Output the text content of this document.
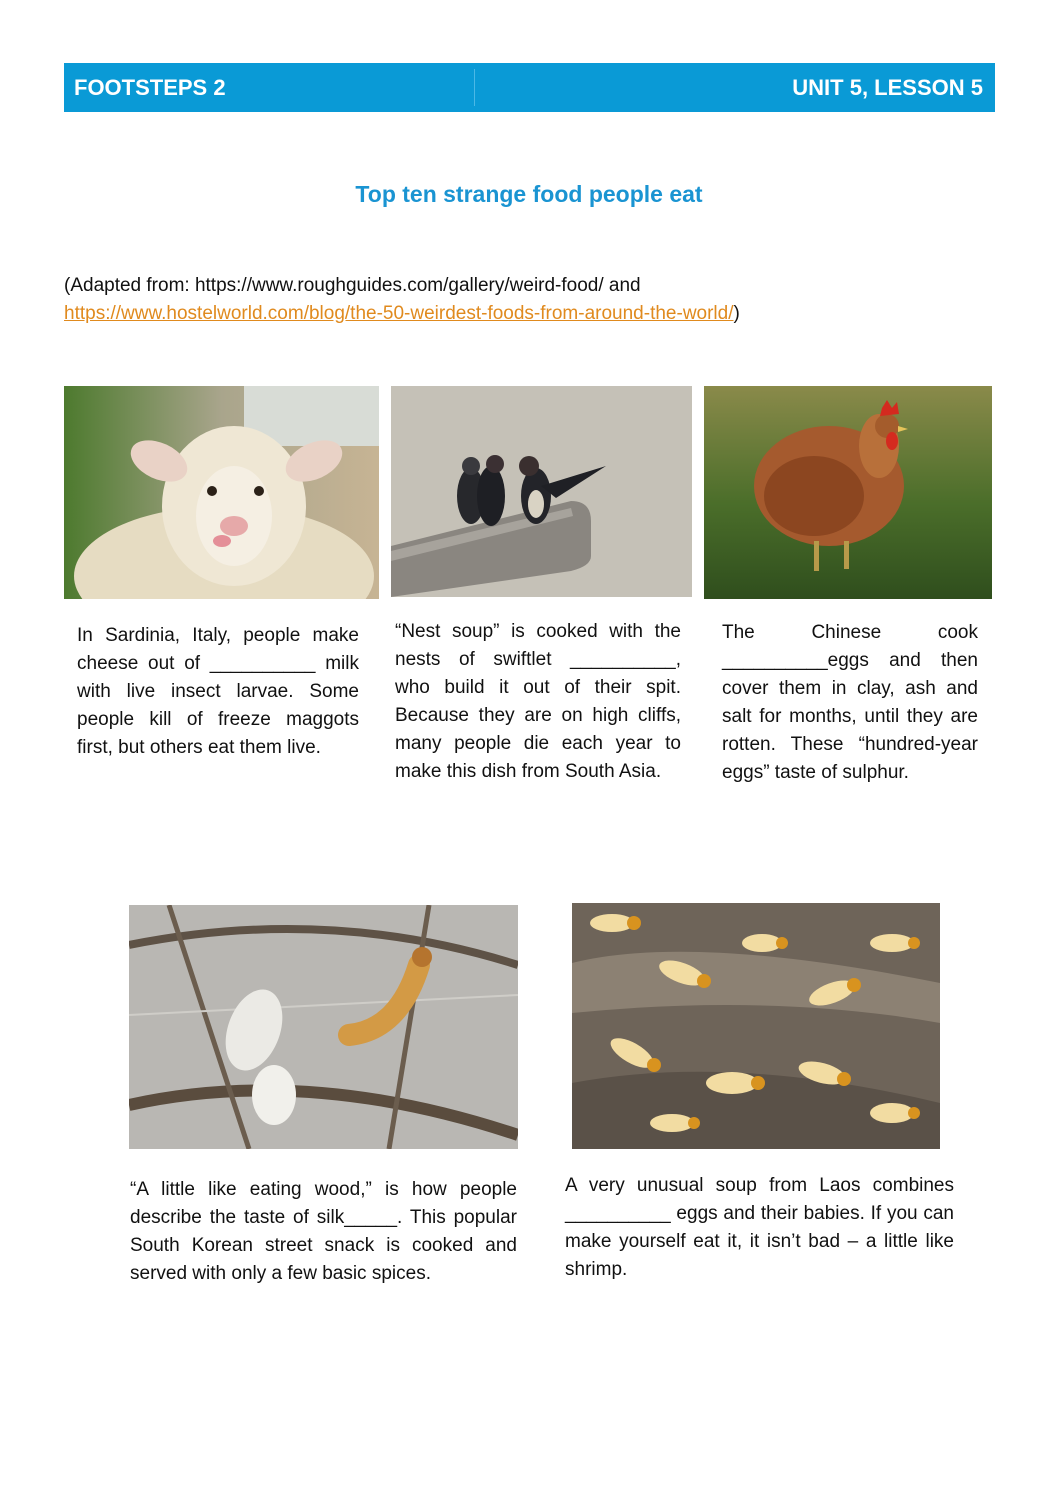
FOOTSTEPS 2	UNIT 5, LESSON 5
Top ten strange food people eat
(Adapted from: https://www.roughguides.com/gallery/weird-food/ and
https://www.hostelworld.com/blog/the-50-weirdest-foods-from-around-the-world/)
In Sardinia, Italy, people make cheese out of __________ milk with live insect larvae. Some people kill of freeze maggots first, but others eat them live.
“Nest soup” is cooked with the nests of swiftlet __________, who build it out of their spit. Because they are on high cliffs, many people die each year to make this dish from South Asia.
The Chinese cook __________eggs and then cover them in clay, ash and salt for months, until they are rotten. These “hundred-year eggs” taste of sulphur.
“A little like eating wood,” is how people describe the taste of silk_____. This popular South Korean street snack is cooked and served with only a few basic spices.
A very unusual soup from Laos combines __________ eggs and their babies. If you can make yourself eat it, it isn’t bad – a little like shrimp.
